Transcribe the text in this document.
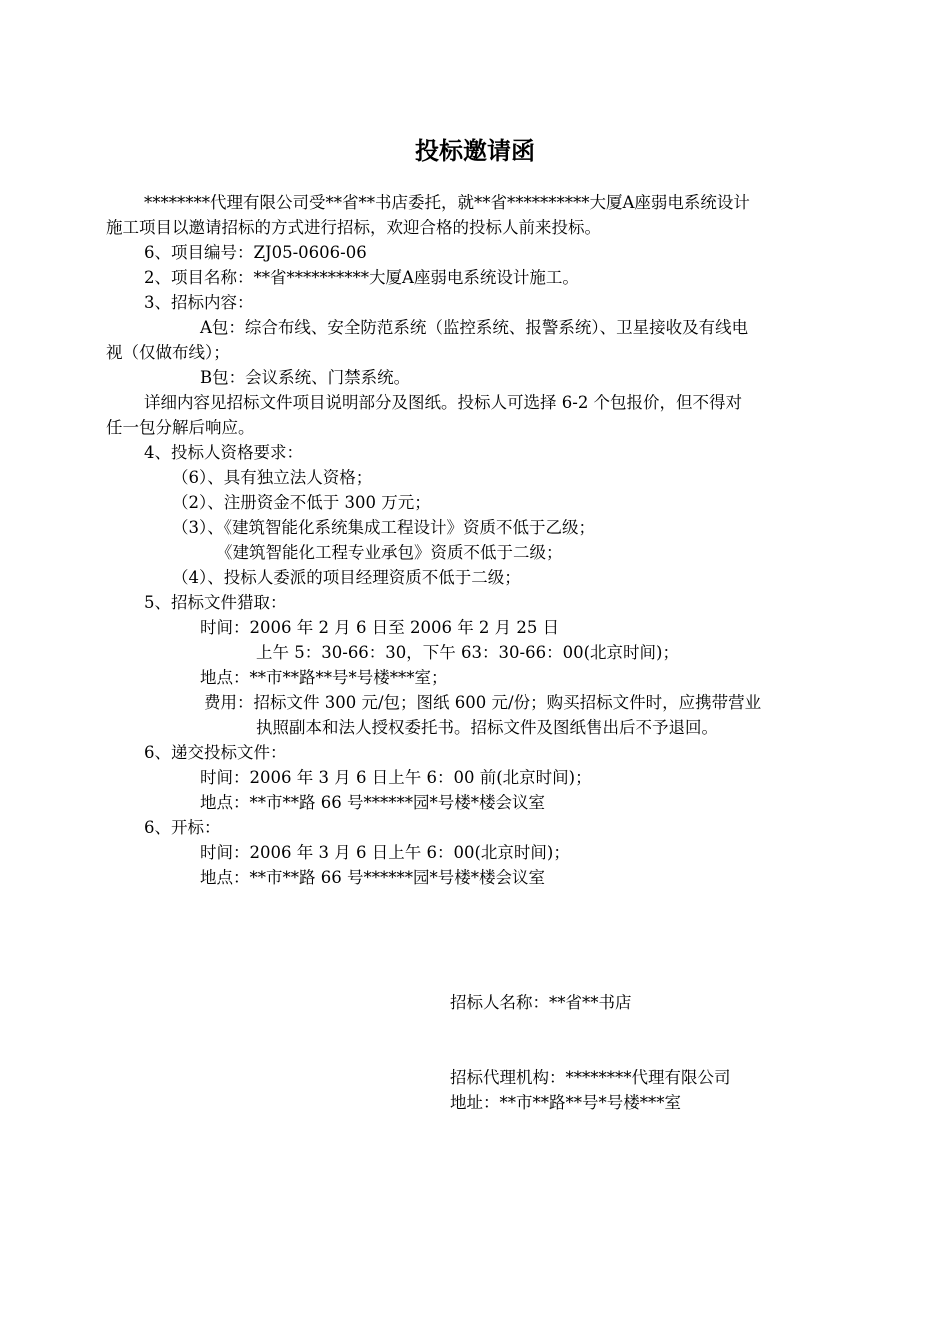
投标邀请函
********代理有限公司受**省**书店委托，就**省**********大厦A座弱电系统设计
施工项目以邀请招标的方式进行招标，欢迎合格的投标人前来投标。
6、项目编号：ZJ05-0606-06
2、项目名称：**省**********大厦A座弱电系统设计施工。
3、招标内容：
A包：综合布线、安全防范系统（监控系统、报警系统）、卫星接收及有线电
视（仅做布线）；
B包：会议系统、门禁系统。
详细内容见招标文件项目说明部分及图纸。投标人可选择 6-2 个包报价，但不得对
任一包分解后响应。
4、投标人资格要求：
（6）、具有独立法人资格；
（2）、注册资金不低于 300 万元；
（3）、《建筑智能化系统集成工程设计》资质不低于乙级；
《建筑智能化工程专业承包》资质不低于二级；
（4）、投标人委派的项目经理资质不低于二级；
5、招标文件猎取：
时间：2006 年 2 月 6 日至 2006 年 2 月 25 日
上午 5：30-66：30，下午 63：30-66：00(北京时间)；
地点：**市**路**号*号楼***室；
费用：招标文件 300 元/包；图纸 600 元/份；购买招标文件时，应携带营业
执照副本和法人授权委托书。招标文件及图纸售出后不予退回。
6、递交投标文件：
时间：2006 年 3 月 6 日上午 6：00 前(北京时间)；
地点：**市**路 66 号******园*号楼*楼会议室
6、开标：
时间：2006 年 3 月 6 日上午 6：00(北京时间)；
地点：**市**路 66 号******园*号楼*楼会议室
招标人名称：**省**书店
招标代理机构：********代理有限公司
地址：**市**路**号*号楼***室
